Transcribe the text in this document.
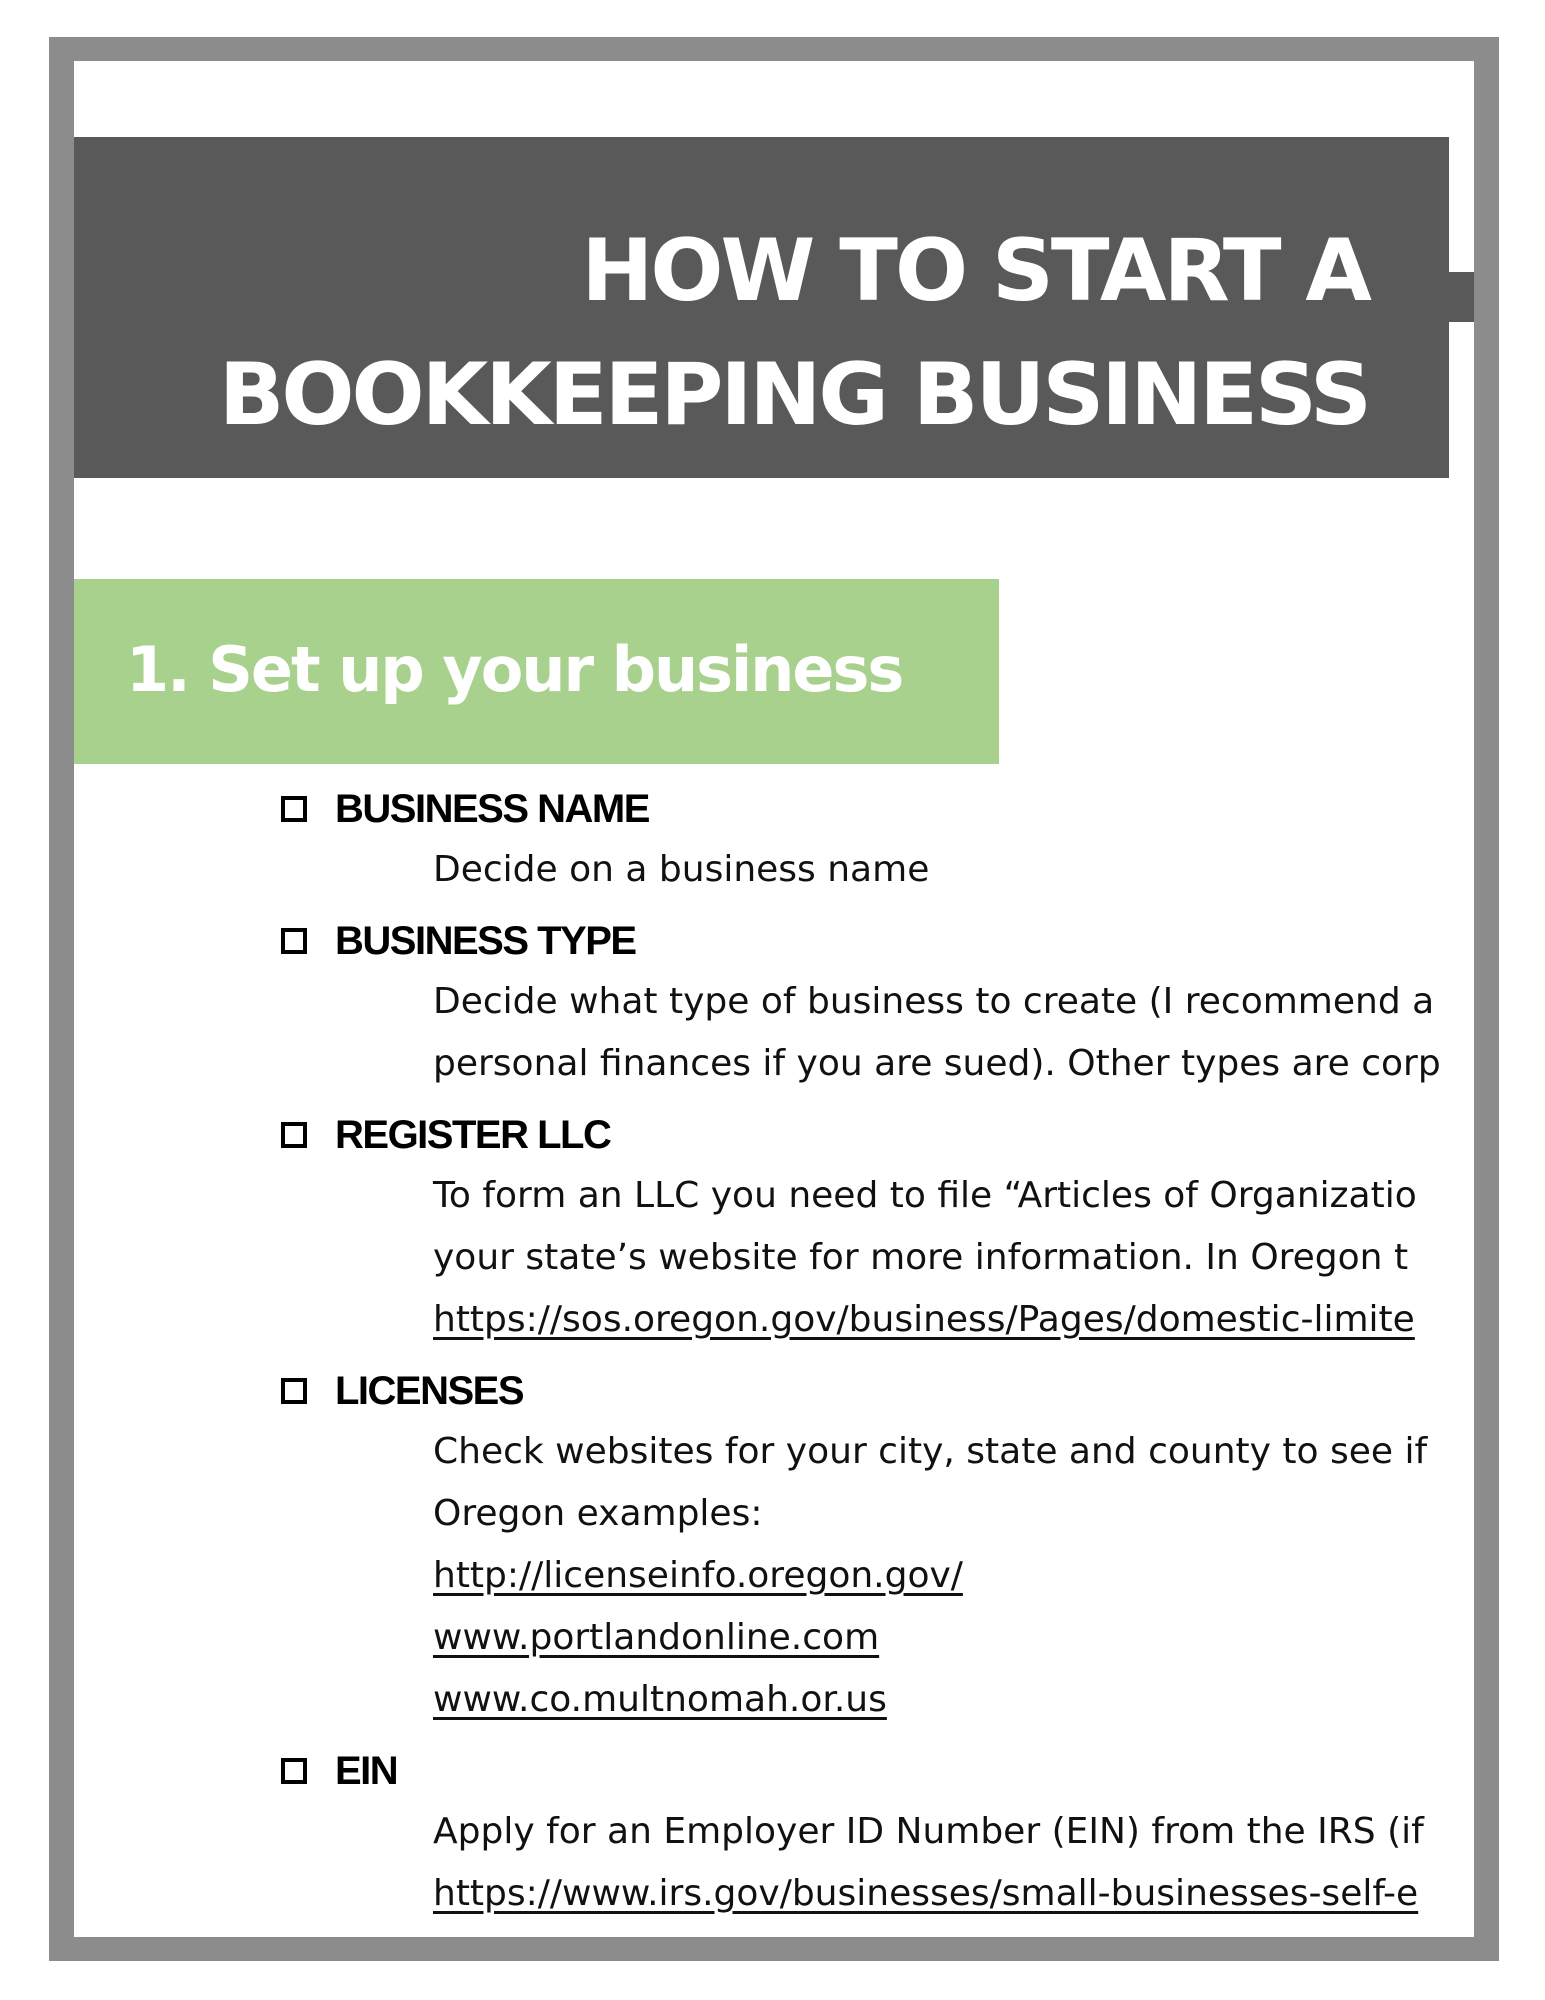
HOW TO START A
BOOKKEEPING BUSINESS
1. Set up your business
BUSINESS NAME
Decide on a business name
BUSINESS TYPE
Decide what type of business to create (I recommend a
personal finances if you are sued). Other types are corp
REGISTER LLC
To form an LLC you need to file “Articles of Organizatio
your state’s website for more information. In Oregon t
https://sos.oregon.gov/business/Pages/domestic-limite
LICENSES
Check websites for your city, state and county to see if
Oregon examples:
http://licenseinfo.oregon.gov/
www.portlandonline.com
www.co.multnomah.or.us
EIN
Apply for an Employer ID Number (EIN) from the IRS (if
https://www.irs.gov/businesses/small-businesses-self-e
